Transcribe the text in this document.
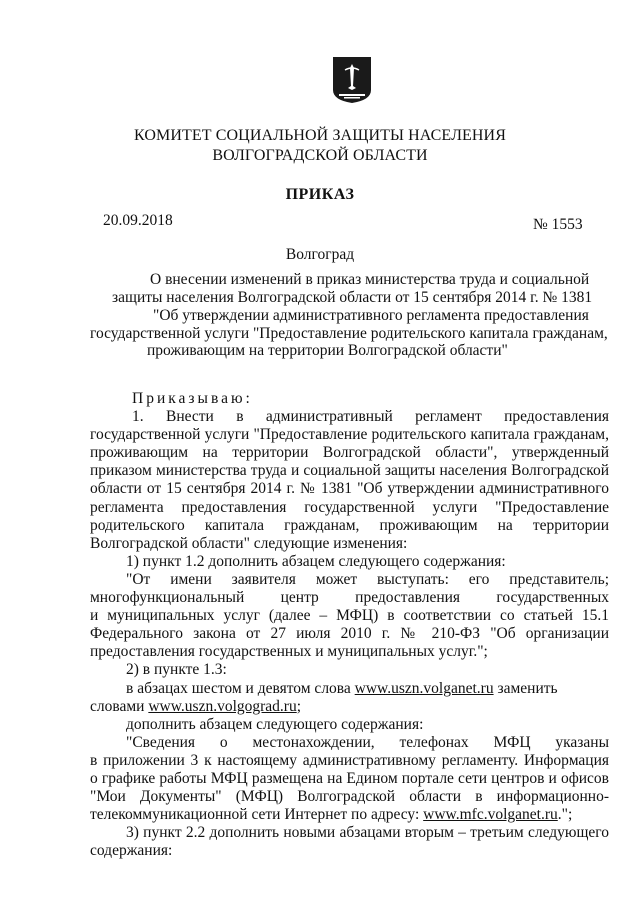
КОМИТЕТ СОЦИАЛЬНОЙ ЗАЩИТЫ НАСЕЛЕНИЯ
ВОЛГОГРАДСКОЙ ОБЛАСТИ
ПРИКАЗ
20.09.2018	№ 1553
Волгоград
О внесении изменений в приказ министерства труда и социальной
защиты населения Волгоградской области от 15 сентября 2014 г. № 1381
"Об утверждении административного регламента предоставления
государственной услуги "Предоставление родительского капитала гражданам,
проживающим на территории Волгоградской области"
Приказываю:
1. Внести в административный регламент предоставления
государственной услуги "Предоставление родительского капитала гражданам,
проживающим на территории Волгоградской области", утвержденный
приказом министерства труда и социальной защиты населения Волгоградской
области от 15 сентября 2014 г. № 1381 "Об утверждении административного
регламента предоставления государственной услуги "Предоставление
родительского капитала гражданам, проживающим на территории
Волгоградской области" следующие изменения:
1) пункт 1.2 дополнить абзацем следующего содержания:
"От имени заявителя может выступать: его представитель;
многофункциональный центр предоставления государственных
и муниципальных услуг (далее – МФЦ) в соответствии со статьей 15.1
Федерального закона от 27 июля 2010 г. № 210-ФЗ "Об организации
предоставления государственных и муниципальных услуг.";
2) в пункте 1.3:
в абзацах шестом и девятом слова www.uszn.volganet.ru заменить
словами www.uszn.volgograd.ru;
дополнить абзацем следующего содержания:
"Сведения о местонахождении, телефонах МФЦ указаны
в приложении 3 к настоящему административному регламенту. Информация
о графике работы МФЦ размещена на Едином портале сети центров и офисов
"Мои Документы" (МФЦ) Волгоградской области в информационно-
телекоммуникационной сети Интернет по адресу: www.mfc.volganet.ru.";
3) пункт 2.2 дополнить новыми абзацами вторым – третьим следующего
содержания:
